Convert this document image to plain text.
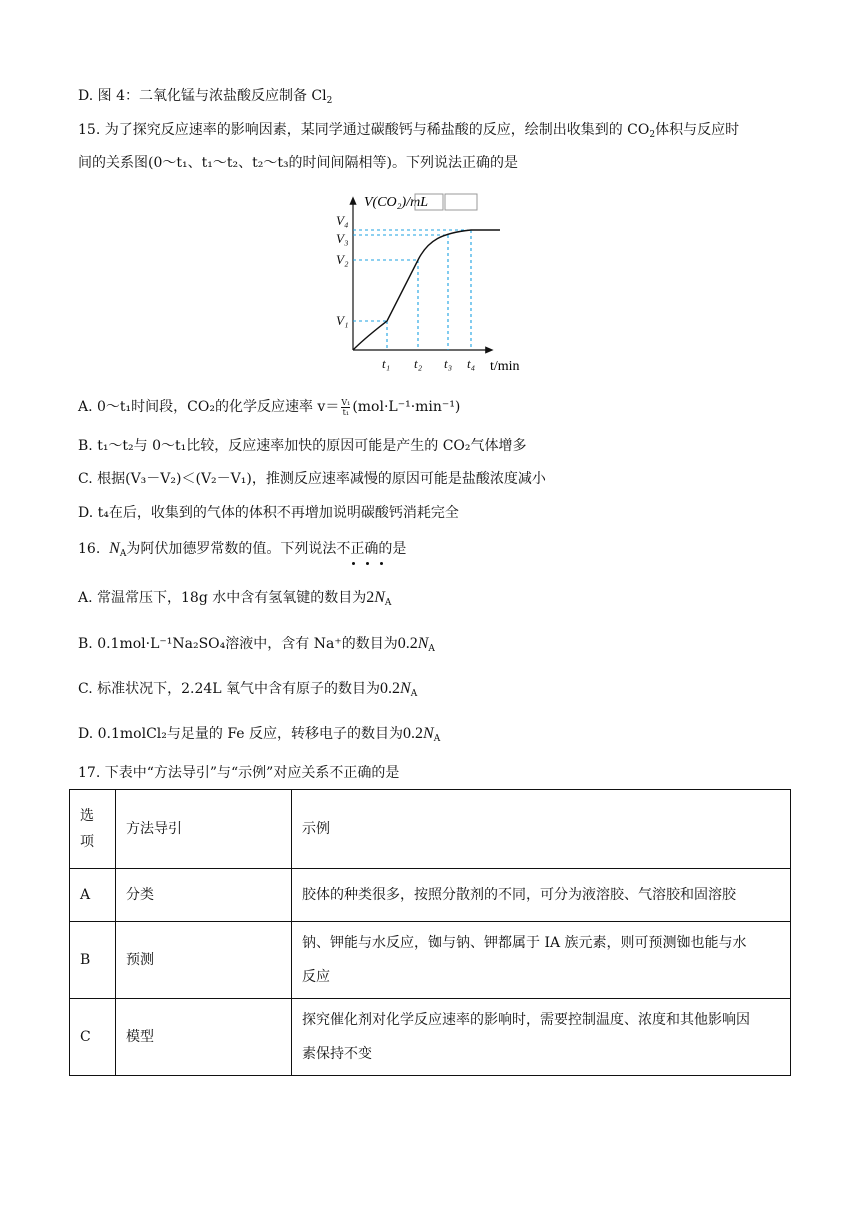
D. 图 4：二氧化锰与浓盐酸反应制备 $Cl_2$
15. 为了探究反应速率的影响因素，某同学通过碳酸钙与稀盐酸的反应，绘制出收集到的 $CO_2$体积与反应时
间的关系图(0～t₁、t₁～t₂、t₂～t₃的时间间隔相等)。下列说法正确的是
V(CO₂)/mL
t/min
V₁
V₂
V₃
V₄
t₁ t₂ t₃ t₄
A. 0～t₁时间段，CO₂的化学反应速率 $v= \frac{\text{V₁}}{\text{t₁}} (mol\cdot L^{-1}\cdot\min^{-1})$
B. t₁～t₂与 0～t₁比较，反应速率加快的原因可能是产生的 CO₂气体增多
C. 根据(V₃－V₂)＜(V₂－V₁)，推测反应速率减慢的原因可能是盐酸浓度减小
D. t₄在后，收集到的气体的体积不再增加说明碳酸钙消耗完全
16.  $N_A$为阿伏加德罗常数的值。下列说法不正确的是
A. 常温常压下，18g 水中含有氢氧键的数目为$2N_A$
B. 0.1mol·L⁻¹Na₂SO₄溶液中，含有 Na⁺的数目为$0.2N_A$
C. 标准状况下，2.24L 氧气中含有原子的数目为$0.2N_A$
D. 0.1molCl₂与足量的 Fe 反应，转移电子的数目为$0.2N_A$
17. 下表中“方法导引”与“示例”对应关系不正确的是
选
项	方法导引	示例
A	分类	胶体的种类很多，按照分散剂的不同，可分为液溶胶、气溶胶和固溶胶
B	预测	钠、钾能与水反应，铷与钠、钾都属于 IA 族元素，则可预测铷也能与水
反应
C	模型	探究催化剂对化学反应速率的影响时，需要控制温度、浓度和其他影响因
素保持不变
